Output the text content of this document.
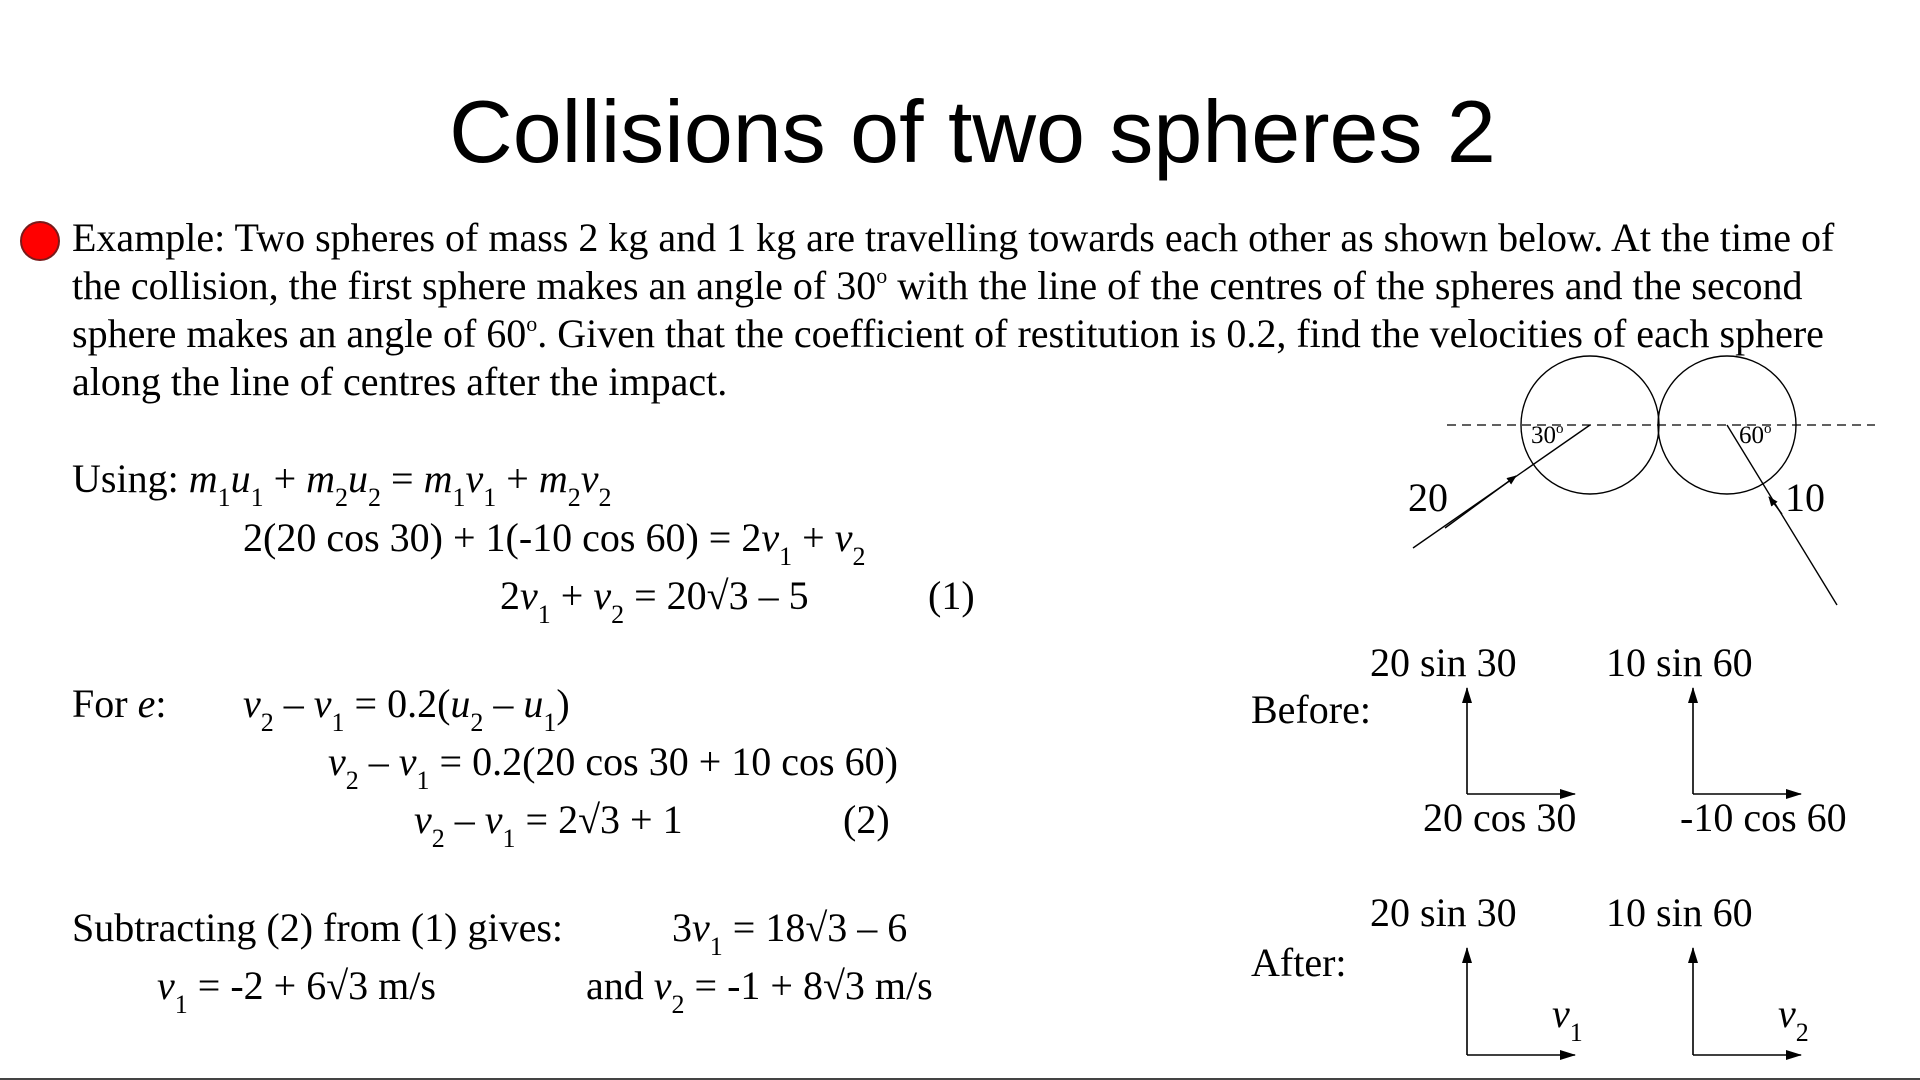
Collisions of two spheres 2
Example: Two spheres of mass 2 kg and 1 kg are travelling towards each other as shown below. At the time of the collision, the first sphere makes an angle of 30$^o$ with the line of the centres of the spheres and the second sphere makes an angle of 60$^o$. Given that the coefficient of restitution is 0.2, find the velocities of each sphere along the line of centres after the impact.
Using: $m_1u_1 + m_2u_2 = m_1v_1 + m_2v_2$
2(20 cos 30) + 1(-10 $\cos 60) = 2v_1 + v_2$
$2v_1 + v_2 = 20√3 - 5$	(1)
For e: $v_2 - v_1 = 0.2(u_2 - u_1)$
$v_2 - v_1 = 0.2(20$ cos 30 + 10 cos 60)
$v_2 - v_1 = 2√3 + 1$	(2)
Subtracting (2) from (1) gives:	$3v_1 = 18√3 - 6$
$v_1 = -2 + 6√3$ m/s	and $v_2 = -1 + 8√3$ m/s
30$^o$	60$^o$
20	10
Before:
20 sin 30 10 sin 60
20 cos 30	-10 cos 60
After:
20 sin 30 10 sin 60
$v_1$	$v_2$
